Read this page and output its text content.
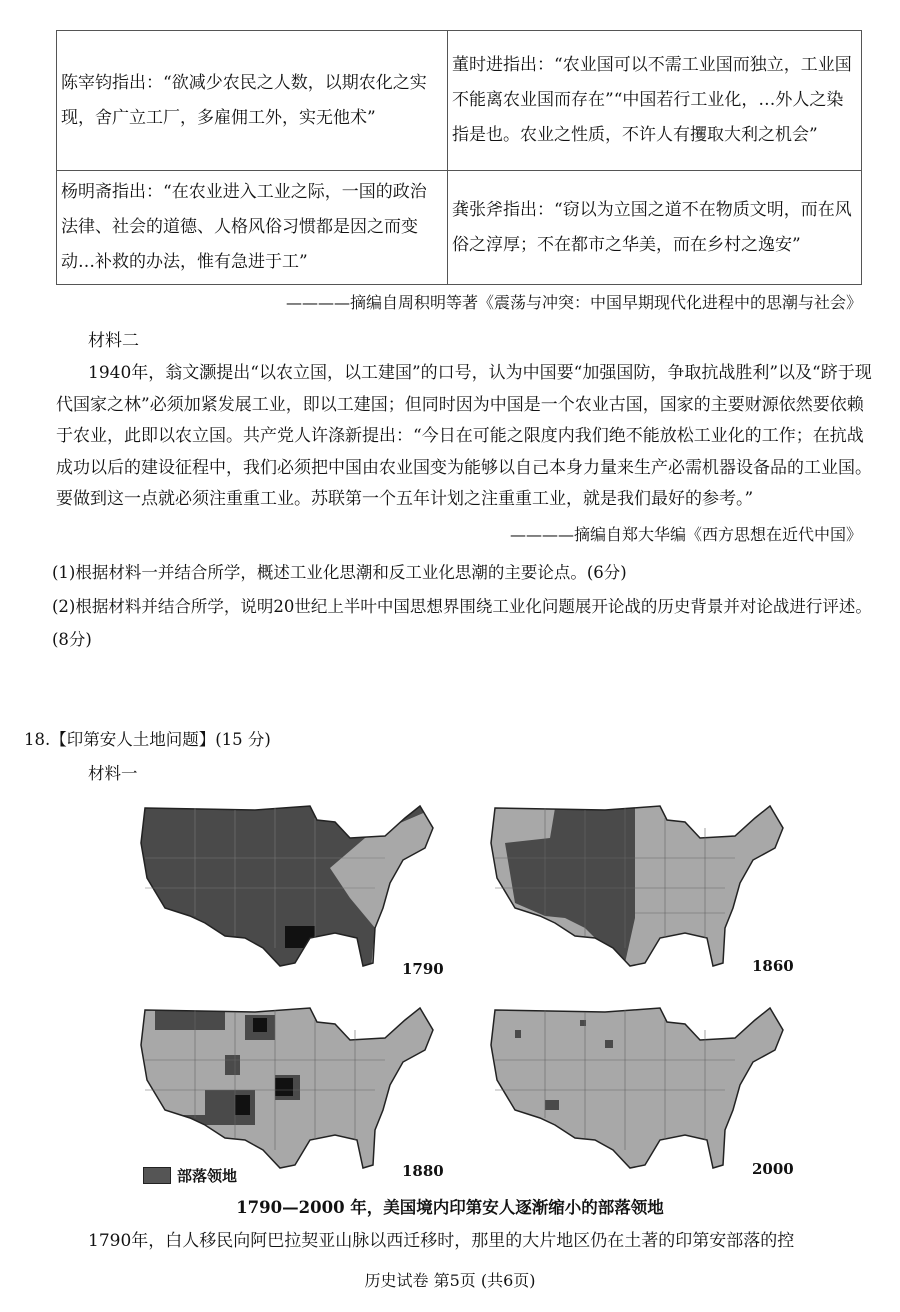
陈宰钧指出：“欲减少农民之人数，以期农化之实现，舍广立工厂，多雇佣工外，实无他术”	董时进指出：“农业国可以不需工业国而独立，工业国不能离农业国而存在”“中国若行工业化，…外人之染指是也。农业之性质，不许人有攫取大利之机会”
杨明斋指出：“在农业进入工业之际，一国的政治法律、社会的道德、人格风俗习惯都是因之而变动…补救的办法，惟有急进于工”	龚张斧指出：“窃以为立国之道不在物质文明，而在风俗之淳厚；不在都市之华美，而在乡村之逸安”
————摘编自周积明等著《震荡与冲突：中国早期现代化进程中的思潮与社会》
材料二
1940年，翁文灏提出“以农立国，以工建国”的口号，认为中国要“加强国防，争取抗战胜利”以及“跻于现代国家之林”必须加紧发展工业，即以工建国；但同时因为中国是一个农业古国，国家的主要财源依然要依赖于农业，此即以农立国。共产党人许涤新提出：“今日在可能之限度内我们绝不能放松工业化的工作；在抗战成功以后的建设征程中，我们必须把中国由农业国变为能够以自己本身力量来生产必需机器设备品的工业国。要做到这一点就必须注重重工业。苏联第一个五年计划之注重重工业，就是我们最好的参考。”
————摘编自郑大华编《西方思想在近代中国》
(1)根据材料一并结合所学，概述工业化思潮和反工业化思潮的主要论点。(6分)
(2)根据材料并结合所学，说明20世纪上半叶中国思想界围绕工业化问题展开论战的历史背景并对论战进行评述。(8分)
18.【印第安人土地问题】(15 分)
材料一
1790	1860
1880	2000
部落领地
1790—2000 年，美国境内印第安人逐渐缩小的部落领地
1790年，白人移民向阿巴拉契亚山脉以西迁移时，那里的大片地区仍在土著的印第安部落的控
历史试卷 第5页 (共6页)
